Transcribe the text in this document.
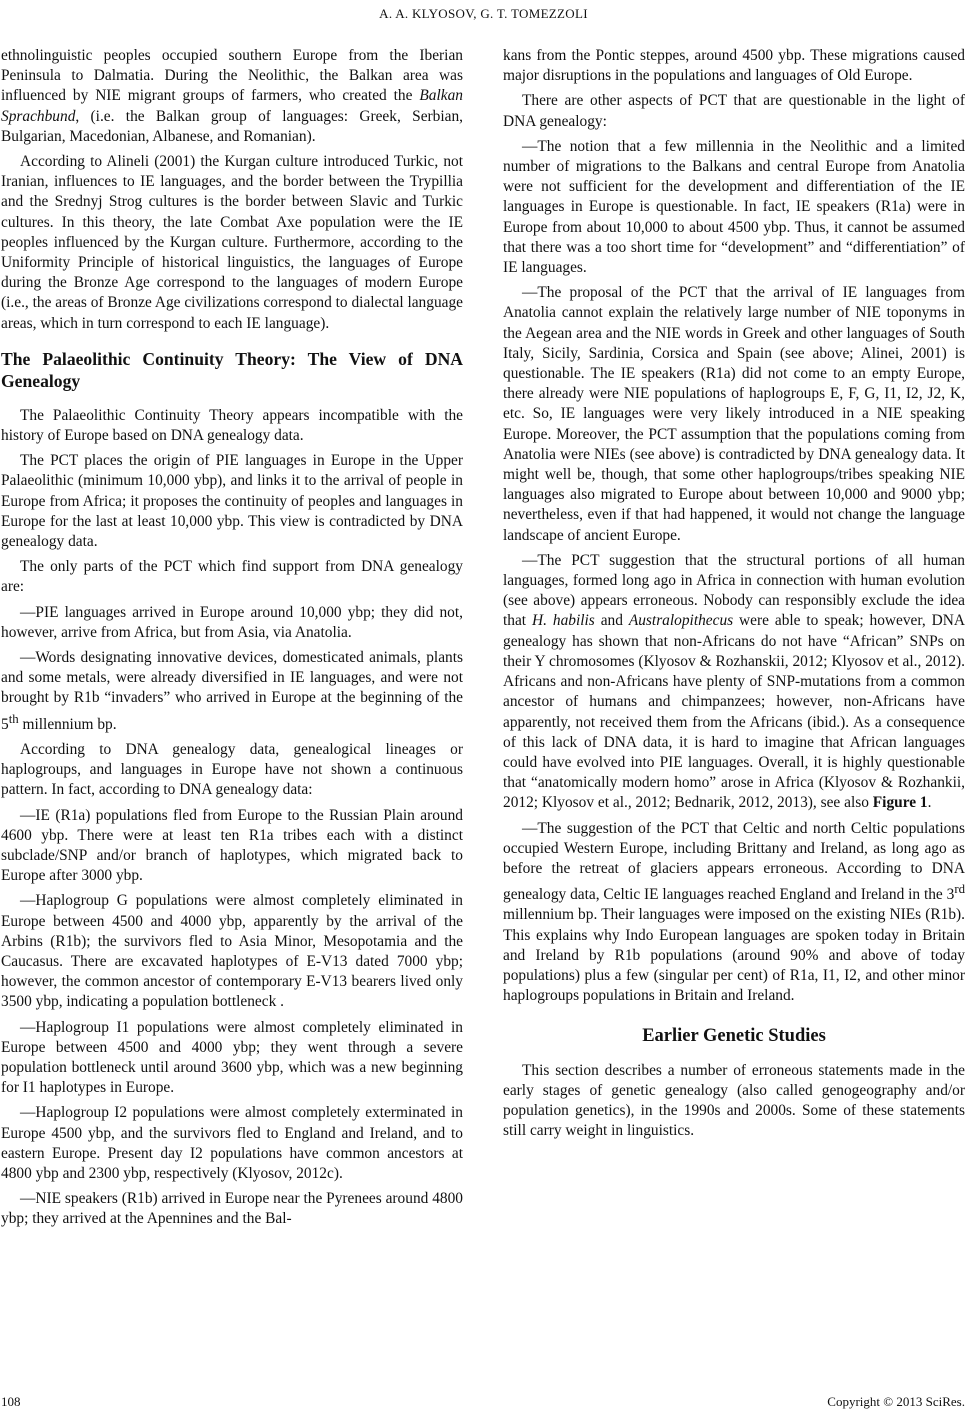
A. A. KLYOSOV, G. T. TOMEZZOLI

ethnolinguistic peoples occupied southern Europe from the Iberian Peninsula to Dalmatia. During the Neolithic, the Balkan area was influenced by NIE migrant groups of farmers, who created the Balkan Sprachbund, (i.e. the Balkan group of languages: Greek, Serbian, Bulgarian, Macedonian, Albanese, and Romanian).

According to Alineli (2001) the Kurgan culture introduced Turkic, not Iranian, influences to IE languages, and the border between the Trypillia and the Srednyj Strog cultures is the border between Slavic and Turkic cultures. In this theory, the late Combat Axe population were the IE peoples influenced by the Kurgan culture. Furthermore, according to the Uniformity Principle of historical linguistics, the languages of Europe during the Bronze Age correspond to the languages of modern Europe (i.e., the areas of Bronze Age civilizations correspond to dialectal language areas, which in turn correspond to each IE language).

The Palaeolithic Continuity Theory: The View of DNA Genealogy

The Palaeolithic Continuity Theory appears incompatible with the history of Europe based on DNA genealogy data.

The PCT places the origin of PIE languages in Europe in the Upper Palaeolithic (minimum 10,000 ybp), and links it to the arrival of people in Europe from Africa; it proposes the continuity of peoples and languages in Europe for the last at least 10,000 ybp. This view is contradicted by DNA genealogy data.

The only parts of the PCT which find support from DNA genealogy are:

—PIE languages arrived in Europe around 10,000 ybp; they did not, however, arrive from Africa, but from Asia, via Anatolia.

—Words designating innovative devices, domesticated animals, plants and some metals, were already diversified in IE languages, and were not brought by R1b “invaders” who arrived in Europe at the beginning of the 5th millennium bp.

According to DNA genealogy data, genealogical lineages or haplogroups, and languages in Europe have not shown a continuous pattern. In fact, according to DNA genealogy data:

—IE (R1a) populations fled from Europe to the Russian Plain around 4600 ybp. There were at least ten R1a tribes each with a distinct subclade/SNP and/or branch of haplotypes, which migrated back to Europe after 3000 ybp.

—Haplogroup G populations were almost completely eliminated in Europe between 4500 and 4000 ybp, apparently by the arrival of the Arbins (R1b); the survivors fled to Asia Minor, Mesopotamia and the Caucasus. There are excavated haplotypes of E-V13 dated 7000 ybp; however, the common ancestor of contemporary E-V13 bearers lived only 3500 ybp, indicating a population bottleneck .

—Haplogroup I1 populations were almost completely eliminated in Europe between 4500 and 4000 ybp; they went through a severe population bottleneck until around 3600 ybp, which was a new beginning for I1 haplotypes in Europe.

—Haplogroup I2 populations were almost completely exterminated in Europe 4500 ybp, and the survivors fled to England and Ireland, and to eastern Europe. Present day I2 populations have common ancestors at 4800 ybp and 2300 ybp, respectively (Klyosov, 2012c).

—NIE speakers (R1b) arrived in Europe near the Pyrenees around 4800 ybp; they arrived at the Apennines and the Bal-

kans from the Pontic steppes, around 4500 ybp. These migrations caused major disruptions in the populations and languages of Old Europe.

There are other aspects of PCT that are questionable in the light of DNA genealogy:

—The notion that a few millennia in the Neolithic and a limited number of migrations to the Balkans and central Europe from Anatolia were not sufficient for the development and differentiation of the IE languages in Europe is questionable. In fact, IE speakers (R1a) were in Europe from about 10,000 to about 4500 ybp. Thus, it cannot be assumed that there was a too short time for “development” and “differentiation” of IE languages.

—The proposal of the PCT that the arrival of IE languages from Anatolia cannot explain the relatively large number of NIE toponyms in the Aegean area and the NIE words in Greek and other languages of South Italy, Sicily, Sardinia, Corsica and Spain (see above; Alinei, 2001) is questionable. The IE speakers (R1a) did not come to an empty Europe, there already were NIE populations of haplogroups E, F, G, I1, I2, J2, K, etc. So, IE languages were very likely introduced in a NIE speaking Europe. Moreover, the PCT assumption that the populations coming from Anatolia were NIEs (see above) is contradicted by DNA genealogy data. It might well be, though, that some other haplogroups/tribes speaking NIE languages also migrated to Europe about between 10,000 and 9000 ybp; nevertheless, even if that had happened, it would not change the language landscape of ancient Europe.

—The PCT suggestion that the structural portions of all human languages, formed long ago in Africa in connection with human evolution (see above) appears erroneous. Nobody can responsibly exclude the idea that H. habilis and Australopithecus were able to speak; however, DNA genealogy has shown that non-Africans do not have “African” SNPs on their Y chromosomes (Klyosov & Rozhanskii, 2012; Klyosov et al., 2012). Africans and non-Africans have plenty of SNP-mutations from a common ancestor of humans and chimpanzees; however, non-Africans have apparently, not received them from the Africans (ibid.). As a consequence of this lack of DNA data, it is hard to imagine that African languages could have evolved into PIE languages. Overall, it is highly questionable that “anatomically modern homo” arose in Africa (Klyosov & Rozhankii, 2012; Klyosov et al., 2012; Bednarik, 2012, 2013), see also Figure 1.

—The suggestion of the PCT that Celtic and north Celtic populations occupied Western Europe, including Brittany and Ireland, as long ago as before the retreat of glaciers appears erroneous. According to DNA genealogy data, Celtic IE languages reached England and Ireland in the 3rd millennium bp. Their languages were imposed on the existing NIEs (R1b). This explains why Indo European languages are spoken today in Britain and Ireland by R1b populations (around 90% and above of today populations) plus a few (singular per cent) of R1a, I1, I2, and other minor haplogroups populations in Britain and Ireland.

Earlier Genetic Studies

This section describes a number of erroneous statements made in the early stages of genetic genealogy (also called genogeography and/or population genetics), in the 1990s and 2000s. Some of these statements still carry weight in linguistics.

108	Copyright © 2013 SciRes.
